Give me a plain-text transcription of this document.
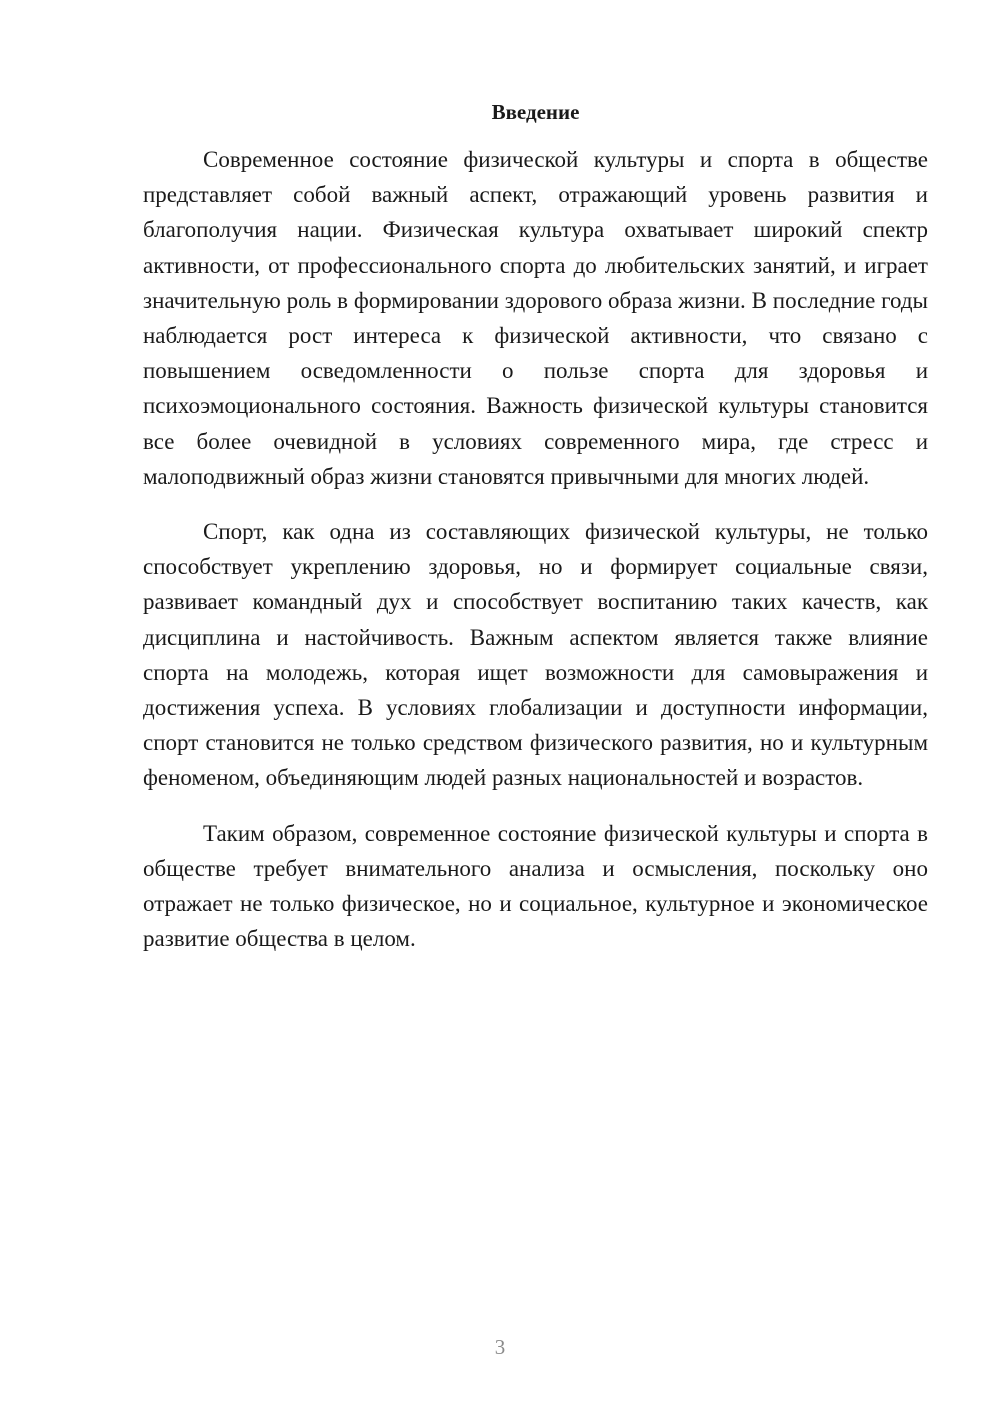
Введение

Современное состояние физической культуры и спорта в обществе представляет собой важный аспект, отражающий уровень развития и благополучия нации. Физическая культура охватывает широкий спектр активности, от профессионального спорта до любительских занятий, и играет значительную роль в формировании здорового образа жизни. В последние годы наблюдается рост интереса к физической активности, что связано с повышением осведомленности о пользе спорта для здоровья и психоэмоционального состояния. Важность физической культуры становится все более очевидной в условиях современного мира, где стресс и малоподвижный образ жизни становятся привычными для многих людей.

Спорт, как одна из составляющих физической культуры, не только способствует укреплению здоровья, но и формирует социальные связи, развивает командный дух и способствует воспитанию таких качеств, как дисциплина и настойчивость. Важным аспектом является также влияние спорта на молодежь, которая ищет возможности для самовыражения и достижения успеха. В условиях глобализации и доступности информации, спорт становится не только средством физического развития, но и культурным феноменом, объединяющим людей разных национальностей и возрастов.

Таким образом, современное состояние физической культуры и спорта в обществе требует внимательного анализа и осмысления, поскольку оно отражает не только физическое, но и социальное, культурное и экономическое развитие общества в целом.

3
